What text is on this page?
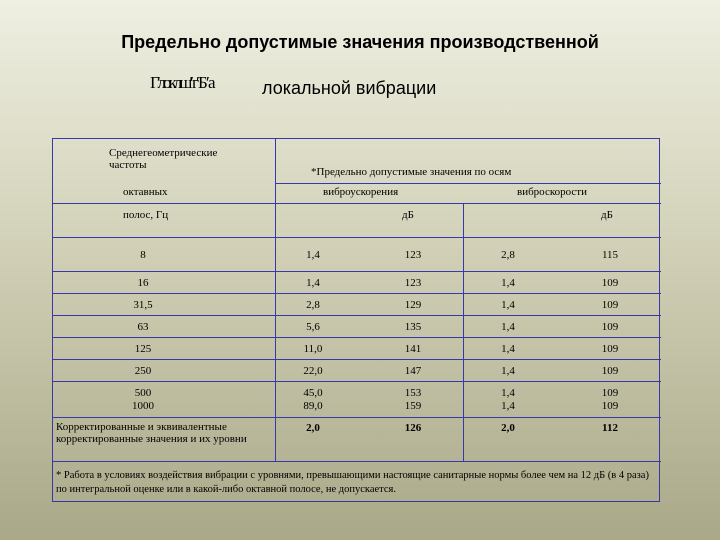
Предельно допустимые значения производственной
Г′локлш′′ г′ Б ′ а	локальной вибрации
Среднегеометрические
частоты
октавных
полос, Гц
*Предельно допустимые значения по осям
виброускорения	виброскорости
дБ	дБ
8	1,4	123	2,8	115
16	1,4	123	1,4	109
31,5	2,8	129	1,4	109
63	5,6	135	1,4	109
125	11,0	141	1,4	109
250	22,0	147	1,4	109
500	45,0	153	1,4	109
1000	89,0	159	1,4	109
Корректированные и эквивалентные
корректированные значения и их уровни
2,0	126	2,0	112
* Работа в условиях воздействия вибрации с уровнями, превышающими настоящие санитарные нормы более чем на 12 дБ (в 4 раза) по интегральной оценке или в какой-либо октавной полосе, не допускается.
